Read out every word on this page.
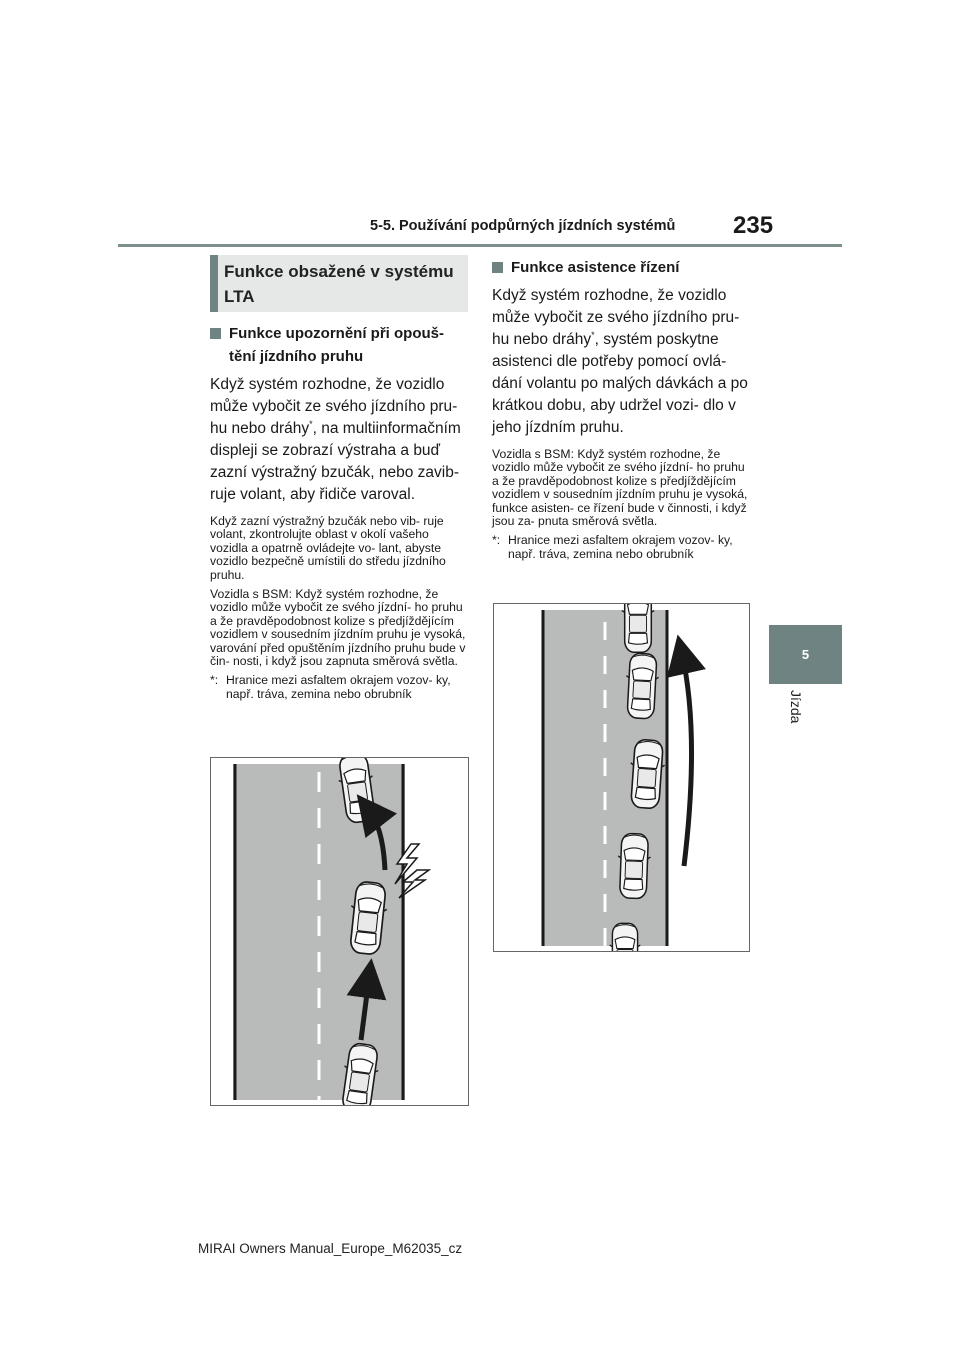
5-5. Používání podpůrných jízdních systémů 235
5
Jízda
Funkce obsažené v systému LTA
Funkce upozornění při opouš- tění jízdního pruhu

Když systém rozhodne, že vozidlo může vybočit ze svého jízdního pru- hu nebo dráhy*, na multiinformačním displeji se zobrazí výstraha a buď zazní výstražný bzučák, nebo zavib- ruje volant, aby řidiče varoval.

Když zazní výstražný bzučák nebo vib- ruje volant, zkontrolujte oblast v okolí vašeho vozidla a opatrně ovládejte vo- lant, abyste vozidlo bezpečně umístili do středu jízdního pruhu.

Vozidla s BSM: Když systém rozhodne, že vozidlo může vybočit ze svého jízdní- ho pruhu a že pravděpodobnost kolize s předjíždějícím vozidlem v sousedním jízdním pruhu je vysoká, varování před opuštěním jízdního pruhu bude v čin- nosti, i když jsou zapnuta směrová světla.

*: Hranice mezi asfaltem okrajem vozov- ky, např. tráva, zemina nebo obrubník
Funkce asistence řízení

Když systém rozhodne, že vozidlo může vybočit ze svého jízdního pru- hu nebo dráhy*, systém poskytne asistenci dle potřeby pomocí ovlá- dání volantu po malých dávkách a po krátkou dobu, aby udržel vozi- dlo v jeho jízdním pruhu.

Vozidla s BSM: Když systém rozhodne, že vozidlo může vybočit ze svého jízdní- ho pruhu a že pravděpodobnost kolize s předjíždějícím vozidlem v sousedním jízdním pruhu je vysoká, funkce asisten- ce řízení bude v činnosti, i když jsou za- pnuta směrová světla.

*: Hranice mezi asfaltem okrajem vozov- ky, např. tráva, zemina nebo obrubník
MIRAI Owners Manual_Europe_M62035_cz
